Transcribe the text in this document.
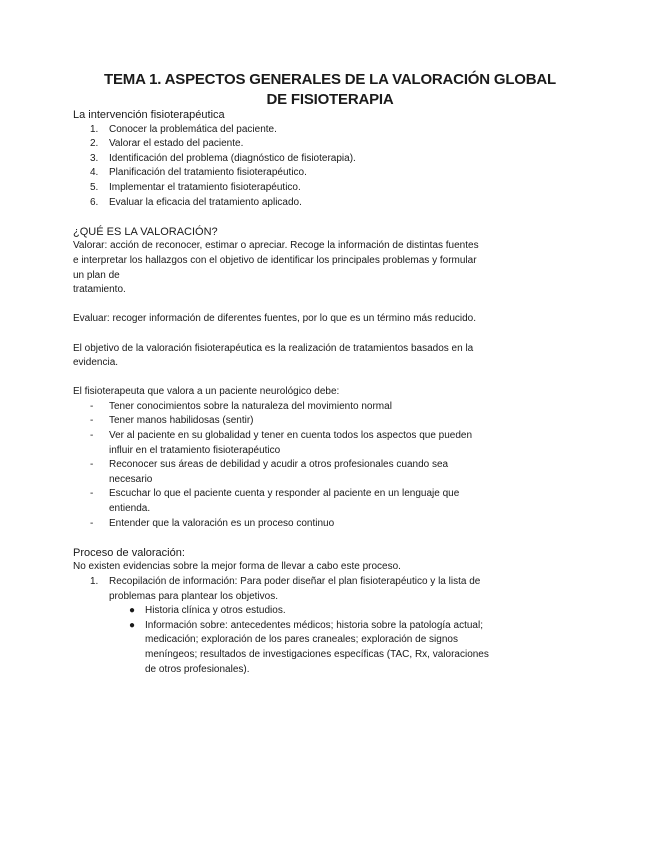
TEMA 1. ASPECTOS GENERALES DE LA VALORACIÓN GLOBAL
DE FISIOTERAPIA

La intervención fisioterapéutica

1. Conocer la problemática del paciente.
2. Valorar el estado del paciente.
3. Identificación del problema (diagnóstico de fisioterapia).
4. Planificación del tratamiento fisioterapéutico.
5. Implementar el tratamiento fisioterapéutico.
6. Evaluar la eficacia del tratamiento aplicado.

¿QUÉ ES LA VALORACIÓN?

Valorar: acción de reconocer, estimar o apreciar. Recoge la información de distintas fuentes

e interpretar los hallazgos con el objetivo de identificar los principales problemas y formular

un plan de

tratamiento.

Evaluar: recoger información de diferentes fuentes, por lo que es un término más reducido.

El objetivo de la valoración fisioterapéutica es la realización de tratamientos basados en la

evidencia.

El fisioterapeuta que valora a un paciente neurológico debe:

- Tener conocimientos sobre la naturaleza del movimiento normal
- Tener manos habilidosas (sentir)
- Ver al paciente en su globalidad y tener en cuenta todos los aspectos que pueden
influir en el tratamiento fisioterapéutico
- Reconocer sus áreas de debilidad y acudir a otros profesionales cuando sea
necesario
- Escuchar lo que el paciente cuenta y responder al paciente en un lenguaje que
entienda.
- Entender que la valoración es un proceso continuo

Proceso de valoración:

No existen evidencias sobre la mejor forma de llevar a cabo este proceso.

1. Recopilación de información: Para poder diseñar el plan fisioterapéutico y la lista de
problemas para plantear los objetivos.
● Historia clínica y otros estudios.
● Información sobre: antecedentes médicos; historia sobre la patología actual;
medicación; exploración de los pares craneales; exploración de signos
meníngeos; resultados de investigaciones específicas (TAC, Rx, valoraciones
de otros profesionales).
